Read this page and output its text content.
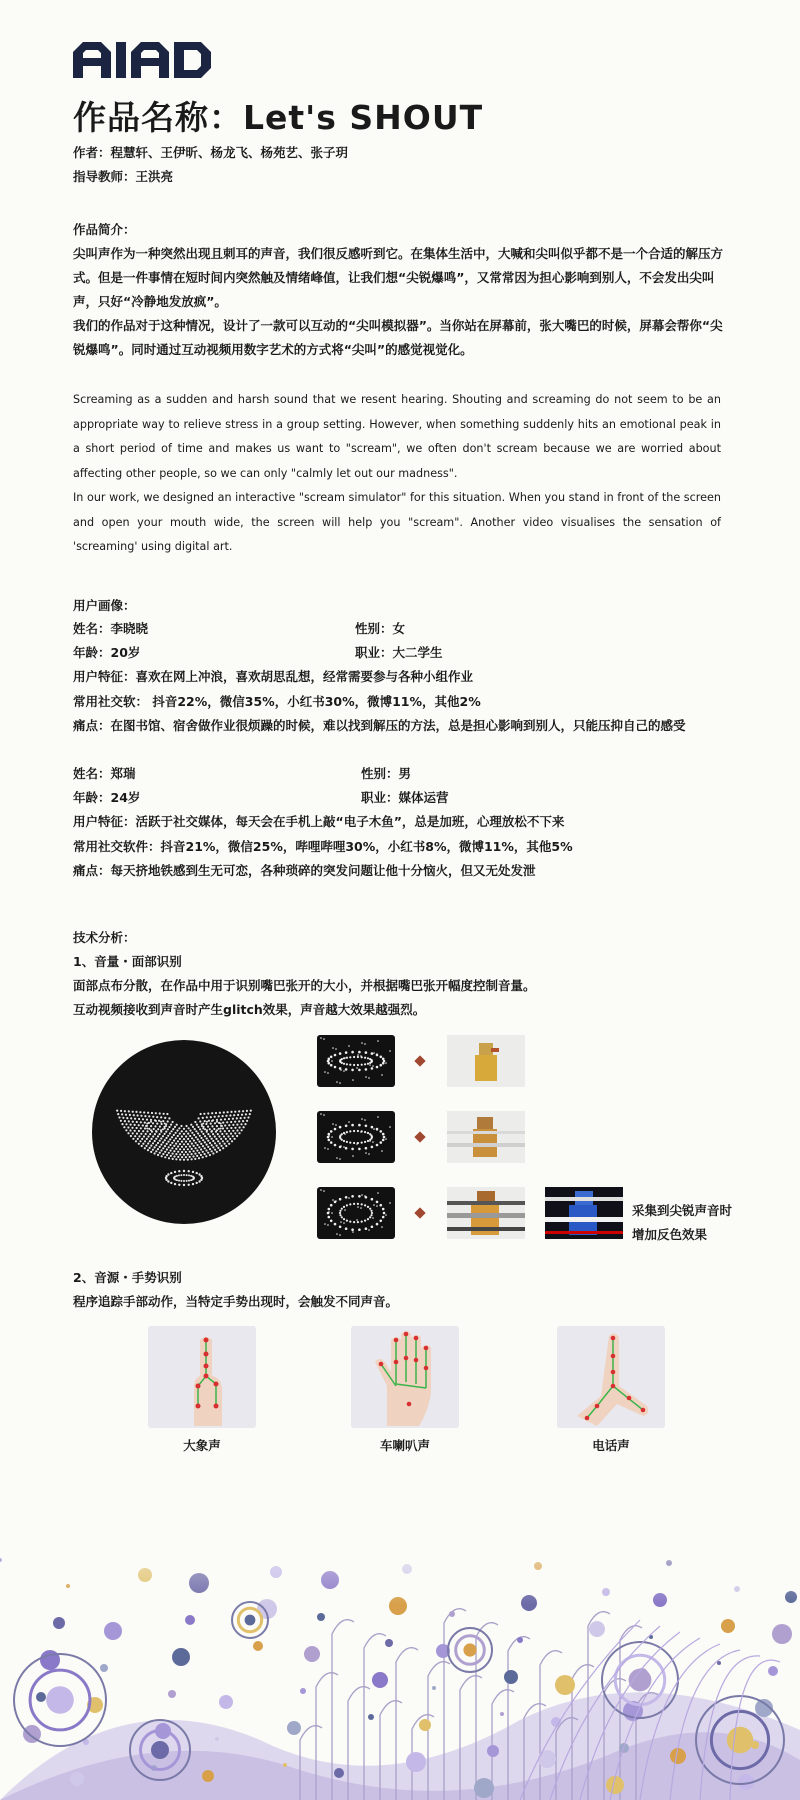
作品名称：Let's SHOUT
作者：程慧轩、王伊昕、杨龙飞、杨苑艺、张子玥
指导教师：王洪亮
作品简介：

尖叫声作为一种突然出现且刺耳的声音，我们很反感听到它。在集体生活中，大喊和尖叫似乎都不是一个合适的解压方式。但是一件事情在短时间内突然触及情绪峰值，让我们想“尖锐爆鸣”，又常常因为担心影响到别人，不会发出尖叫声，只好“冷静地发放疯”。

我们的作品对于这种情况，设计了一款可以互动的“尖叫模拟器”。当你站在屏幕前，张大嘴巴的时候，屏幕会帮你“尖锐爆鸣”。同时通过互动视频用数字艺术的方式将“尖叫”的感觉视觉化。

Screaming as a sudden and harsh sound that we resent hearing. Shouting and screaming do not seem to be an appropriate way to relieve stress in a group setting. However, when something suddenly hits an emotional peak in a short period of time and makes us want to "scream", we often don't scream because we are worried about affecting other people, so we can only "calmly let out our madness".

In our work, we designed an interactive "scream simulator" for this situation. When you stand in front of the screen and open your mouth wide, the screen will help you "scream". Another video visualises the sensation of 'screaming' using digital art.

用户画像：
姓名：李晓晓	性别：女
年龄：20岁	职业：大二学生
用户特征：喜欢在网上冲浪，喜欢胡思乱想，经常需要参与各种小组作业
常用社交软： 抖音22%，微信35%，小红书30%，微博11%，其他2%
痛点：在图书馆、宿舍做作业很烦躁的时候，难以找到解压的方法，总是担心影响到别人，只能压抑自己的感受
姓名：郑瑞	性别：男
年龄：24岁	职业：媒体运营
用户特征：活跃于社交媒体，每天会在手机上敲“电子木鱼”，总是加班，心理放松不下来
常用社交软件：抖音21%，微信25%，哔哩哔哩30%，小红书8%，微博11%，其他5%
痛点：每天挤地铁感到生无可恋，各种琐碎的突发问题让他十分恼火，但又无处发泄
技术分析：
1、音量・面部识别
面部点布分散，在作品中用于识别嘴巴张开的大小，并根据嘴巴张开幅度控制音量。
互动视频接收到声音时产生glitch效果，声音越大效果越强烈。
采集到尖锐声音时
增加反色效果
2、音源・手势识别
程序追踪手部动作，当特定手势出现时，会触发不同声音。
大象声	车喇叭声	电话声
